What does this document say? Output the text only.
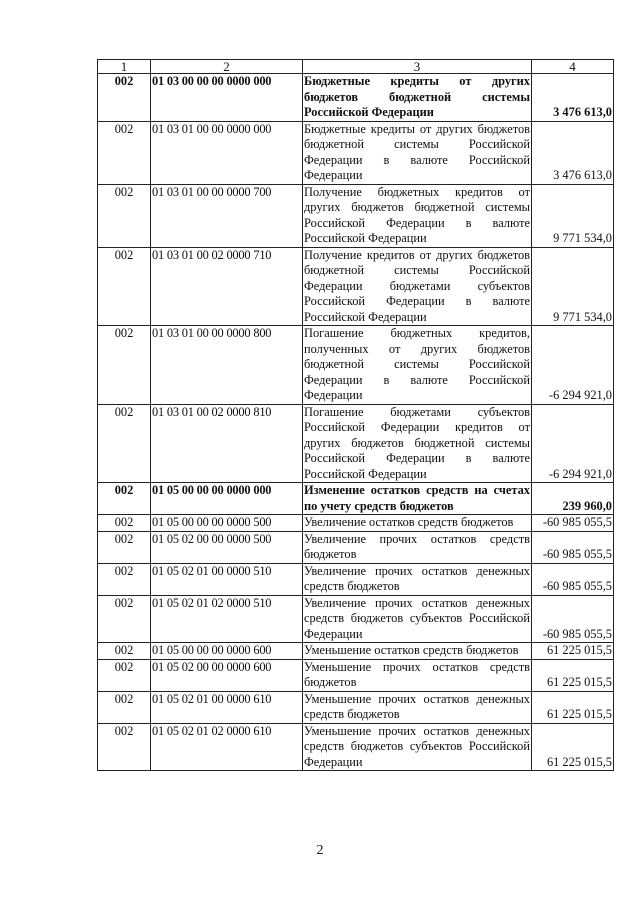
1	2	3	4
002	01 03 00 00 00 0000 000	Бюджетные кредиты от других бюджетов бюджетной системы Российской Федерации	3 476 613,0
002	01 03 01 00 00 0000 000	Бюджетные кредиты от других бюджетов бюджетной системы Российской Федерации в валюте Российской Федерации	3 476 613,0
002	01 03 01 00 00 0000 700	Получение бюджетных кредитов от других бюджетов бюджетной системы Российской Федерации в валюте Российской Федерации	9 771 534,0
002	01 03 01 00 02 0000 710	Получение кредитов от других бюджетов бюджетной системы Российской Федерации бюджетами субъектов Российской Федерации в валюте Российской Федерации	9 771 534,0
002	01 03 01 00 00 0000 800	Погашение бюджетных кредитов, полученных от других бюджетов бюджетной системы Российской Федерации в валюте Российской Федерации	-6 294 921,0
002	01 03 01 00 02 0000 810	Погашение бюджетами субъектов Российской Федерации кредитов от других бюджетов бюджетной системы Российской Федерации в валюте Российской Федерации	-6 294 921,0
002	01 05 00 00 00 0000 000	Изменение остатков средств на счетах по учету средств бюджетов	239 960,0
002	01 05 00 00 00 0000 500	Увеличение остатков средств бюджетов	-60 985 055,5
002	01 05 02 00 00 0000 500	Увеличение прочих остатков средств бюджетов	-60 985 055,5
002	01 05 02 01 00 0000 510	Увеличение прочих остатков денежных средств бюджетов	-60 985 055,5
002	01 05 02 01 02 0000 510	Увеличение прочих остатков денежных средств бюджетов субъектов Российской Федерации	-60 985 055,5
002	01 05 00 00 00 0000 600	Уменьшение остатков средств бюджетов	61 225 015,5
002	01 05 02 00 00 0000 600	Уменьшение прочих остатков средств бюджетов	61 225 015,5
002	01 05 02 01 00 0000 610	Уменьшение прочих остатков денежных средств бюджетов	61 225 015,5
002	01 05 02 01 02 0000 610	Уменьшение прочих остатков денежных средств бюджетов субъектов Российской Федерации	61 225 015,5
2
